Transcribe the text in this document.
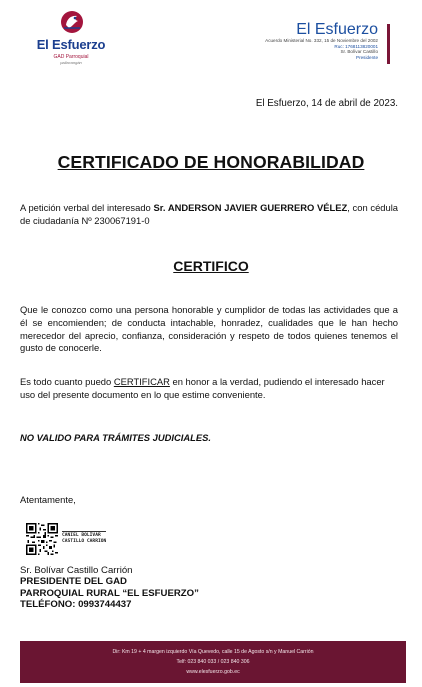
El Esfuerzo
GAD Parroquial
pallacangán
El Esfuerzo
Acuerdo Ministerial No. 332, 15 de Noviembre del 2002
Ruc: 1768113820001
Sr. Bolívar Castillo
Presidente
El Esfuerzo, 14 de abril de 2023.
CERTIFICADO DE HONORABILIDAD
A petición verbal del interesado Sr. ANDERSON JAVIER GUERRERO VÉLEZ, con cédula de ciudadanía Nº 230067191-0
CERTIFICO
Que le conozco como una persona honorable y cumplidor de todas las actividades que a él se encomienden; de conducta intachable, honradez, cualidades que le han hecho merecedor del aprecio, confianza, consideración y respeto de todos quienes tenemos el gusto de conocerle.
Es todo cuanto puedo CERTIFICAR en honor a la verdad, pudiendo el interesado hacer uso del presente documento en lo que estime conveniente.
NO VALIDO PARA TRÁMITES JUDICIALES.
Atentamente,
CANIEL BOLIVAR
CASTILLO CARRION
Sr. Bolívar Castillo Carrión
PRESIDENTE DEL GAD
PARROQUIAL RURAL “EL ESFUERZO”
TELÉFONO: 0993744437
Dir: Km 19 + 4 margen izquierdo Vía Quevedo, calle 15 de Agosto s/n y Manuel Carrión
Telf: 023 840 033 / 023 840 306
www.elesfuerzo.gob.ec
